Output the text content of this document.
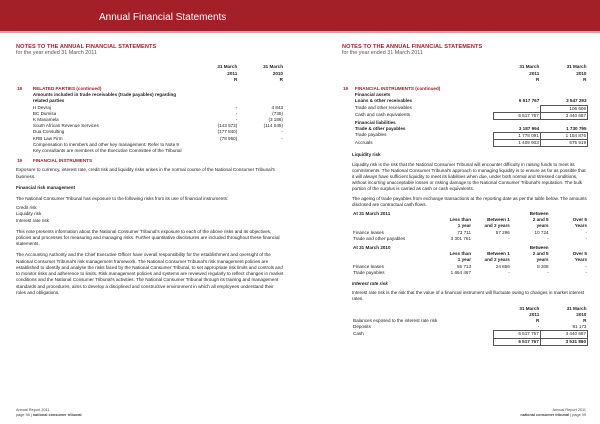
Annual Financial Statements
NOTES TO THE ANNUAL FINANCIAL STATEMENTS
for the year ended 31 March 2011
		31 March	31 March
		2011	2010
		R	R

18	RELATED PARTIES (continued)		
	Amounts included in trade receivables (trade payables) regarding related parties		
	H Devraj	-	4 843
	BC Dumisa	-	(735)
	K Manamela	-	(3 186)
	South African Revenue Services	(143 573)	(114 045)
	Dua Consulting	(177 840)	-
	KRB Law Firm	(78 950)	-
	Compensation to members and other key management: Refer to Note 9		
	Key consultants are members of the Executive Committee of the Tribunal		

19	FINANCIAL INSTRUMENTS		
Exposure to currency, interest rate, credit risk and liquidity risks arises in the normal course of the National Consumer Tribunal's business.
Financial risk management
The National Consumer Tribunal has exposure to the following risks from its use of financial instruments:
Credit risk
Liquidity risk
Interest rate risk
This note presents information about the National Consumer Tribunal's exposure to each of the above risks and its objectives, policies and processes for measuring and managing risks. Further quantitative disclosures are included throughout these financial statements.
The Accounting Authority and the Chief Executive Officer have overall responsibility for the establishment and oversight of the National Consumer Tribunal's risk management framework. The National Consumer Tribunal's risk management policies are established to identify and analyse the risks faced by the National Consumer Tribunal, to set appropriate risk limits and controls and to monitor risks and adherence to limits. Risk management policies and systems are reviewed regularly to reflect changes in market conditions and the National Consumer Tribunal's activities. The National Consumer Tribunal through its training and management standards and procedures, aims to develop a disciplined and constructive environment in which all employees understand their roles and obligations.
NOTES TO THE ANNUAL FINANCIAL STATEMENTS
for the year ended 31 March 2011
		31 March	31 March
		2011	2010
		R	R

19	FINANCIAL INSTRUMENTS (continued)		
	Financial assets		
	Loans & other receivables	6 517 767	3 547 293
	Trade and other receivables	-	106 606
	Cash and cash equivalents	6 517 767	3 440 687
	Financial liabilities		
	Trade & other payables	3 187 994	1 730 795
	Trade payables	1 778 091	1 154 876
	Accruals	1 409 903	575 919
Liquidity risk
Liquidity risk is the risk that the National Consumer Tribunal will encounter difficulty in raising funds to meet its commitments. The National Consumer Tribunal's approach to managing liquidity is to ensure as far as possible that it will always have sufficient liquidity to meet its liabilities when due, under both normal and stressed conditions, without incurring unacceptable losses or risking damage to the National Consumer Tribunal's reputation. The bulk portion of the surplus is carried as cash or cash equivalents.
The ageing of trade payables from exchange transactions at the reporting date as per the table below. The amounts disclosed are contractual cash flows.
At 31 March 2011			Between	
	Less than	Between 1	2 and 5	Over 5
	1 year	and 2 years	years	Years
Finance leases	73 711	57 296	10 724	-
Trade and other payables	3 301 761	-	-	-

At 31 March 2010			Between	
	Less than	Between 1	2 and 5	Over 5
	1 year	and 2 years	years	Years
Finance leases	55 713	24 856	8 208	-
Trade payables	1 864 467	-	-	-
Interest rate risk
Interest rate risk is the risk that the value of a financial instrument will fluctuate owing to changes in market interest rates.
	31 March	31 March
	2011	2010
Balances exposed to the interest rate risk	R	R
Deposits	-	91 173
Cash	6 517 767	3 440 687
	6 517 767	3 531 860
Annual Report 2011
page 98 | national consumer tribunal
Annual Report 2011
national consumer tribunal | page 99
